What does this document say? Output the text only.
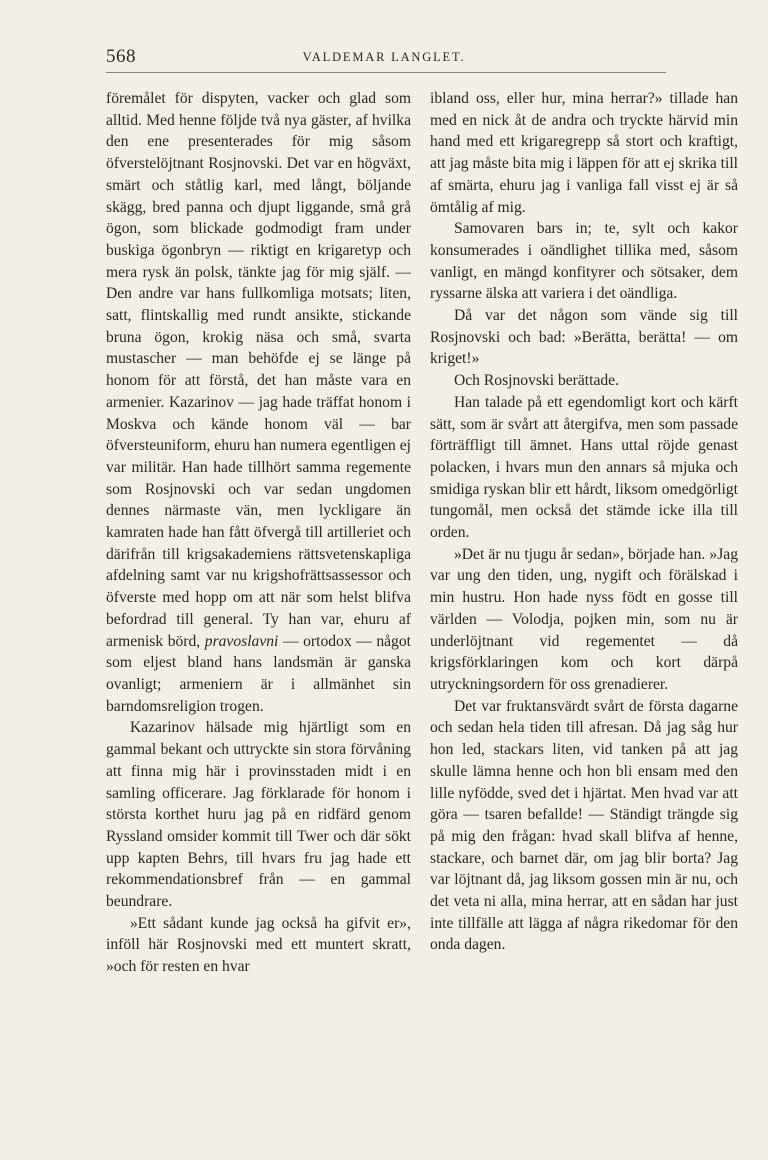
568	VALDEMAR LANGLET.

föremålet för dispyten, vacker och glad som alltid. Med henne följde två nya gäster, af hvilka den ene presenterades för mig såsom öfverstelöjtnant Rosjnovski. Det var en högväxt, smärt och ståtlig karl, med långt, böljande skägg, bred panna och djupt liggande, små grå ögon, som blickade godmodigt fram under buskiga ögonbryn — riktigt en krigaretyp och mera rysk än polsk, tänkte jag för mig själf. — Den andre var hans fullkomliga motsats; liten, satt, flintskallig med rundt ansikte, stickande bruna ögon, krokig näsa och små, svarta mustascher — man behöfde ej se länge på honom för att förstå, det han måste vara en armenier. Kazarinov — jag hade träffat honom i Moskva och kände honom väl — bar öfversteuniform, ehuru han numera egentligen ej var militär. Han hade tillhört samma regemente som Rosjnovski och var sedan ungdomen dennes närmaste vän, men lyckligare än kamraten hade han fått öfvergå till artilleriet och därifrån till krigsakademiens rättsvetenskapliga afdelning samt var nu krigshofrättsassessor och öfverste med hopp om att när som helst blifva befordrad till general. Ty han var, ehuru af armenisk börd, pravoslavni — ortodox — något som eljest bland hans landsmän är ganska ovanligt; armeniern är i allmänhet sin barndomsreligion trogen.

Kazarinov hälsade mig hjärtligt som en gammal bekant och uttryckte sin stora förvåning att finna mig här i provinsstaden midt i en samling officerare. Jag förklarade för honom i största korthet huru jag på en ridfärd genom Ryssland omsider kommit till Twer och där sökt upp kapten Behrs, till hvars fru jag hade ett rekommendationsbref från — en gammal beundrare.

»Ett sådant kunde jag också ha gifvit er», inföll här Rosjnovski med ett muntert skratt, »och för resten en hvar

ibland oss, eller hur, mina herrar?» tillade han med en nick åt de andra och tryckte härvid min hand med ett krigaregrepp så stort och kraftigt, att jag måste bita mig i läppen för att ej skrika till af smärta, ehuru jag i vanliga fall visst ej är så ömtålig af mig.

Samovaren bars in; te, sylt och kakor konsumerades i oändlighet tillika med, såsom vanligt, en mängd konfityrer och sötsaker, dem ryssarne älska att variera i det oändliga.

Då var det någon som vände sig till Rosjnovski och bad: »Berätta, berätta! — om kriget!»

Och Rosjnovski berättade.

Han talade på ett egendomligt kort och kärft sätt, som är svårt att återgifva, men som passade förträffligt till ämnet. Hans uttal röjde genast polacken, i hvars mun den annars så mjuka och smidiga ryskan blir ett hårdt, liksom omedgörligt tungomål, men också det stämde icke illa till orden.

»Det är nu tjugu år sedan», började han. »Jag var ung den tiden, ung, nygift och förälskad i min hustru. Hon hade nyss födt en gosse till världen — Volodja, pojken min, som nu är underlöjtnant vid regementet — då krigsförklaringen kom och kort därpå utryckningsordern för oss grenadierer.

Det var fruktansvärdt svårt de första dagarne och sedan hela tiden till afresan. Då jag såg hur hon led, stackars liten, vid tanken på att jag skulle lämna henne och hon bli ensam med den lille nyfödde, sved det i hjärtat. Men hvad var att göra — tsaren befallde! — Ständigt trängde sig på mig den frågan: hvad skall blifva af henne, stackare, och barnet där, om jag blir borta? Jag var löjtnant då, jag liksom gossen min är nu, och det veta ni alla, mina herrar, att en sådan har just inte tillfälle att lägga af några rikedomar för den onda dagen.
